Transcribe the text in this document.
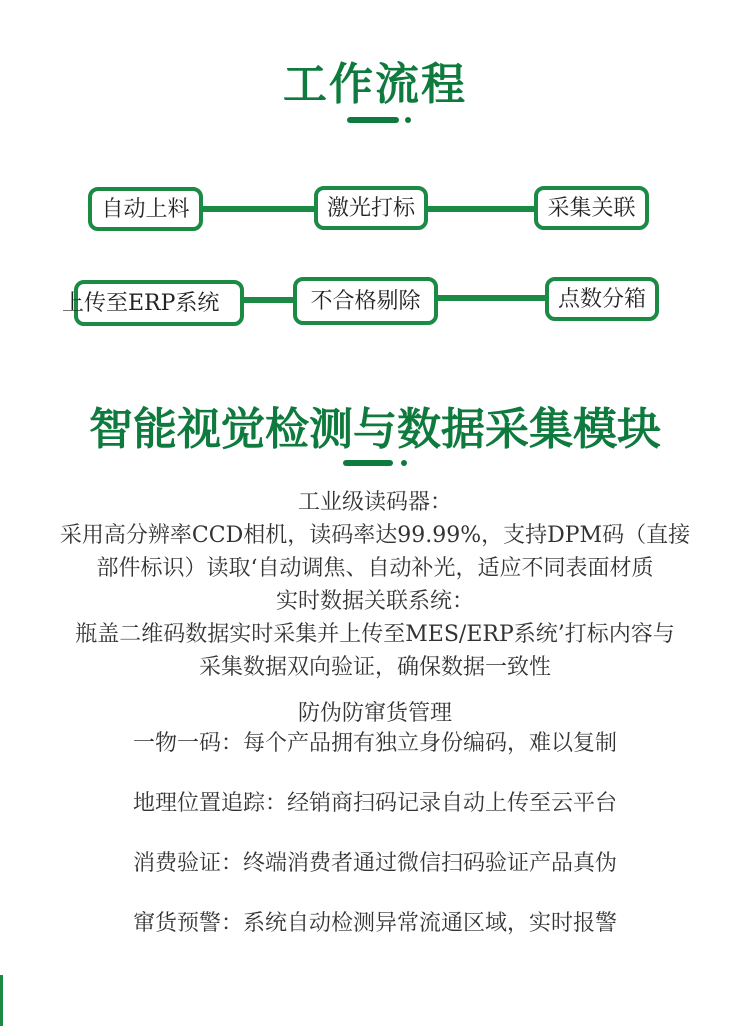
工作流程
自动上料	激光打标	采集关联
上传至ERP系统	不合格剔除	点数分箱
智能视觉检测与数据采集模块

工业级读码器：

采用高分辨率CCD相机，读码率达99.99%，支持DPM码（直接

部件标识）读取‘自动调焦、自动补光，适应不同表面材质

实时数据关联系统：

瓶盖二维码数据实时采集并上传至MES/ERP系统’打标内容与

采集数据双向验证，确保数据一致性

防伪防窜货管理

一物一码：每个产品拥有独立身份编码，难以复制

地理位置追踪：经销商扫码记录自动上传至云平台

消费验证：终端消费者通过微信扫码验证产品真伪

窜货预警：系统自动检测异常流通区域，实时报警
